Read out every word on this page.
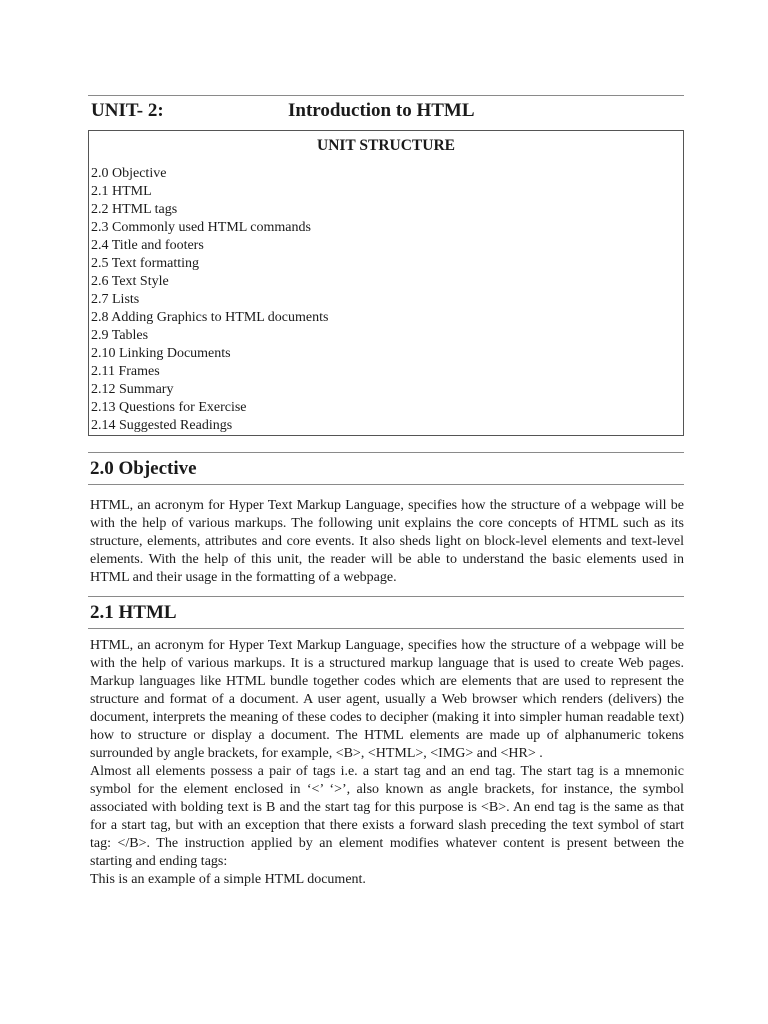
UNIT- 2:	Introduction to HTML
UNIT STRUCTURE
2.0 Objective
2.1 HTML
2.2 HTML tags
2.3 Commonly used HTML commands
2.4 Title and footers
2.5 Text formatting
2.6 Text Style
2.7 Lists
2.8 Adding Graphics to HTML documents
2.9 Tables
2.10 Linking Documents
2.11 Frames
2.12 Summary
2.13 Questions for Exercise
2.14 Suggested Readings
2.0 Objective

HTML, an acronym for Hyper Text Markup Language, specifies how the structure of a webpage will be with the help of various markups. The following unit explains the core concepts of HTML such as its structure, elements, attributes and core events. It also sheds light on block-level elements and text-level elements. With the help of this unit, the reader will be able to understand the basic elements used in HTML and their usage in the formatting of a webpage.

2.1 HTML

HTML, an acronym for Hyper Text Markup Language, specifies how the structure of a webpage will be with the help of various markups. It is a structured markup language that is used to create Web pages. Markup languages like HTML bundle together codes which are elements that are used to represent the structure and format of a document. A user agent, usually a Web browser which renders (delivers) the document, interprets the meaning of these codes to decipher (making it into simpler human readable text) how to structure or display a document. The HTML elements are made up of alphanumeric tokens surrounded by angle brackets, for example, <B>, <HTML>, <IMG> and <HR> .

Almost all elements possess a pair of tags i.e. a start tag and an end tag. The start tag is a mnemonic symbol for the element enclosed in ‘<’ ‘>’, also known as angle brackets, for instance, the symbol associated with bolding text is B and the start tag for this purpose is <B>. An end tag is the same as that for a start tag, but with an exception that there exists a forward slash preceding the text symbol of start tag: </B>. The instruction applied by an element modifies whatever content is present between the starting and ending tags:

This is an example of a simple HTML document.
